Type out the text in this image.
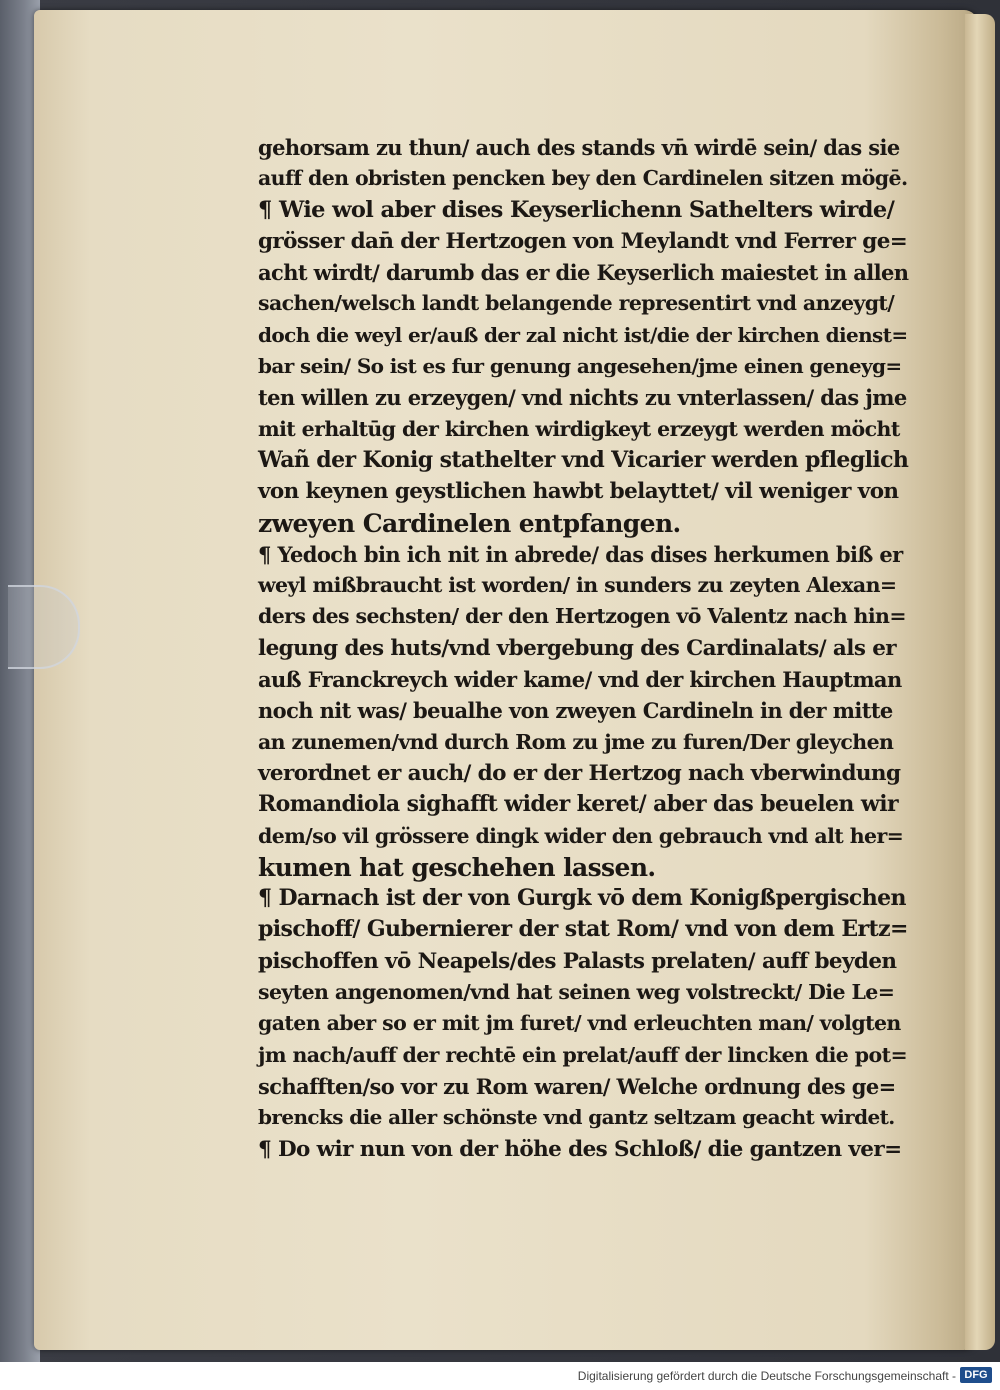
gehorsam zu thun/ auch des stands vn̄ wirdē sein/ das sie
auff den obristen pencken bey den Cardinelen sitzen mögē.
¶ Wie wol aber dises Keyserlichenn Sathelters wirde/
grösser dan̄ der Hertzogen von Meylandt vnd Ferrer ge=
acht wirdt/ darumb das er die Keyserlich maiestet in allen
sachen/welsch landt belangende representirt vnd anzeygt/
doch die weyl er/auß der zal nicht ist/die der kirchen dienst=
bar sein/ So ist es fur genung angesehen/jme einen geneyg=
ten willen zu erzeygen/ vnd nichts zu vnterlassen/ das jme
mit erhaltūg der kirchen wirdigkeyt erzeygt werden möcht
Wañ der Konig stathelter vnd Vicarier werden pfleglich
von keynen geystlichen hawbt belayttet/ vil weniger von
zweyen Cardinelen entpfangen.
¶ Yedoch bin ich nit in abrede/ das dises herkumen biß er
weyl mißbraucht ist worden/ in sunders zu zeyten Alexan=
ders des sechsten/ der den Hertzogen vō Valentz nach hin=
legung des huts/vnd vbergebung des Cardinalats/ als er
auß Franckreych wider kame/ vnd der kirchen Hauptman
noch nit was/ beualhe von zweyen Cardineln in der mitte
an zunemen/vnd durch Rom zu jme zu furen/Der gleychen
verordnet er auch/ do er der Hertzog nach vberwindung
Romandiola sighafft wider keret/ aber das beuelen wir
dem/so vil grössere dingk wider den gebrauch vnd alt her=
kumen hat geschehen lassen.
¶ Darnach ist der von Gurgk vō dem Konigßpergischen
pischoff/ Gubernierer der stat Rom/ vnd von dem Ertz=
pischoffen vō Neapels/des Palasts prelaten/ auff beyden
seyten angenomen/vnd hat seinen weg volstreckt/ Die Le=
gaten aber so er mit jm furet/ vnd erleuchten man/ volgten
jm nach/auff der rechtē ein prelat/auff der lincken die pot=
schafften/so vor zu Rom waren/ Welche ordnung des ge=
brencks die aller schönste vnd gantz seltzam geacht wirdet.
¶ Do wir nun von der höhe des Schloß/ die gantzen ver=
Digitalisierung gefördert durch die Deutsche Forschungsgemeinschaft - DFG
